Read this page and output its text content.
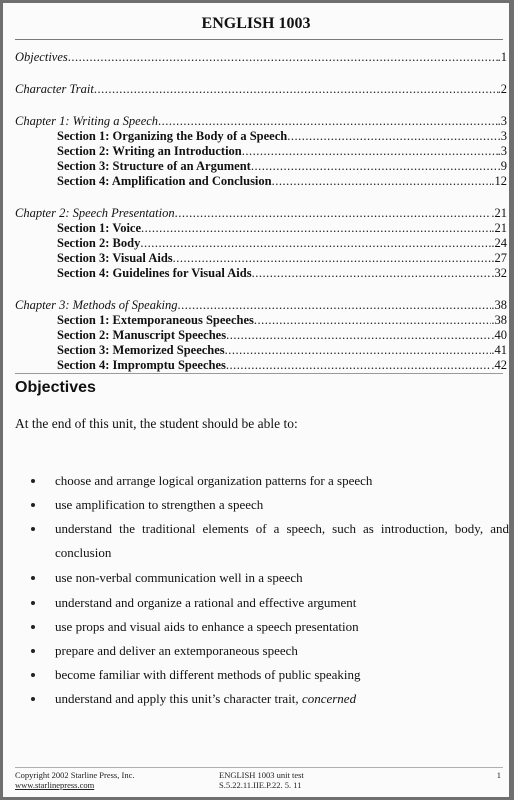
ENGLISH 1003
Objectives .....	.1
Character Trait .....	.2
Chapter 1: Writing a Speech .....	.3
Section 1: Organizing the Body of a Speech .....	.3
Section 2: Writing an Introduction .....	.3
Section 3: Structure of an Argument .....	.9
Section 4: Amplification and Conclusion .....	.12
Chapter 2: Speech Presentation .....	.21
Section 1: Voice .....	.21
Section 2: Body .....	.24
Section 3: Visual Aids .....	.27
Section 4: Guidelines for Visual Aids .....	.32
Chapter 3: Methods of Speaking .....	.38
Section 1: Extemporaneous Speeches .....	.38
Section 2: Manuscript Speeches .....	.40
Section 3: Memorized Speeches .....	.41
Section 4: Impromptu Speeches .....	.42
Objectives
At the end of this unit, the student should be able to:
choose and arrange logical organization patterns for a speech
use amplification to strengthen a speech
understand the traditional elements of a speech, such as introduction, body, and conclusion
use non-verbal communication well in a speech
understand and organize a rational and effective argument
use props and visual aids to enhance a speech presentation
prepare and deliver an extemporaneous speech
become familiar with different methods of public speaking
understand and apply this unit’s character trait, concerned
Copyright 2002 Starline Press, Inc.
www.starlinepress.com
ENGLISH 1003 unit test
S.5.22.11.IIE.P.22. 5. 11
1
